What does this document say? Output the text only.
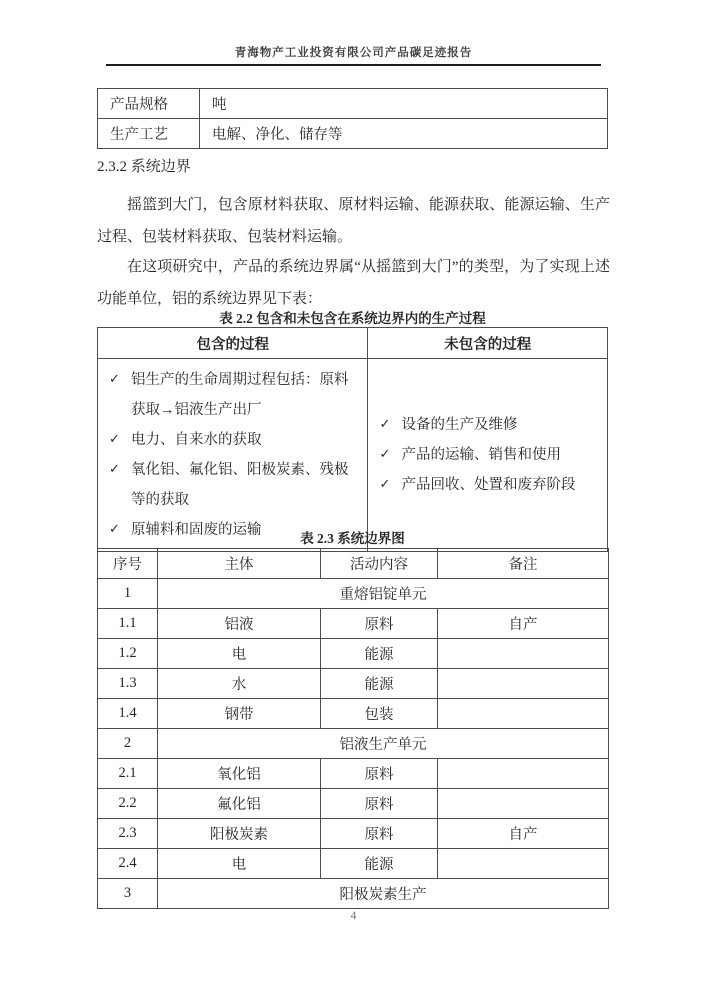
青海物产工业投资有限公司产品碳足迹报告
产品规格	吨
生产工艺	电解、净化、储存等
2.3.2 系统边界

摇篮到大门，包含原材料获取、原材料运输、能源获取、能源运输、生产过程、包装材料获取、包装材料运输。

在这项研究中，产品的系统边界属“从摇篮到大门”的类型，为了实现上述功能单位，铝的系统边界见下表：

表 2.2 包含和未包含在系统边界内的生产过程
包含的过程	未包含的过程

✓ 铝生产的生命周期过程包括：原料获取→铝液生产出厂
✓ 电力、自来水的获取
✓ 氧化铝、氟化铝、阳极炭素、残极等的获取
✓ 原辅料和固废的运输

✓ 设备的生产及维修
✓ 产品的运输、销售和使用
✓ 产品回收、处置和废弃阶段
表 2.3 系统边界图
序号	主体	活动内容	备注
1	重熔铝锭单元		
1.1	铝液	原料	自产
1.2	电	能源	
1.3	水	能源	
1.4	钢带	包装	
2	铝液生产单元		
2.1	氧化铝	原料	
2.2	氟化铝	原料	
2.3	阳极炭素	原料	自产
2.4	电	能源	
3	阳极炭素生产		
4
